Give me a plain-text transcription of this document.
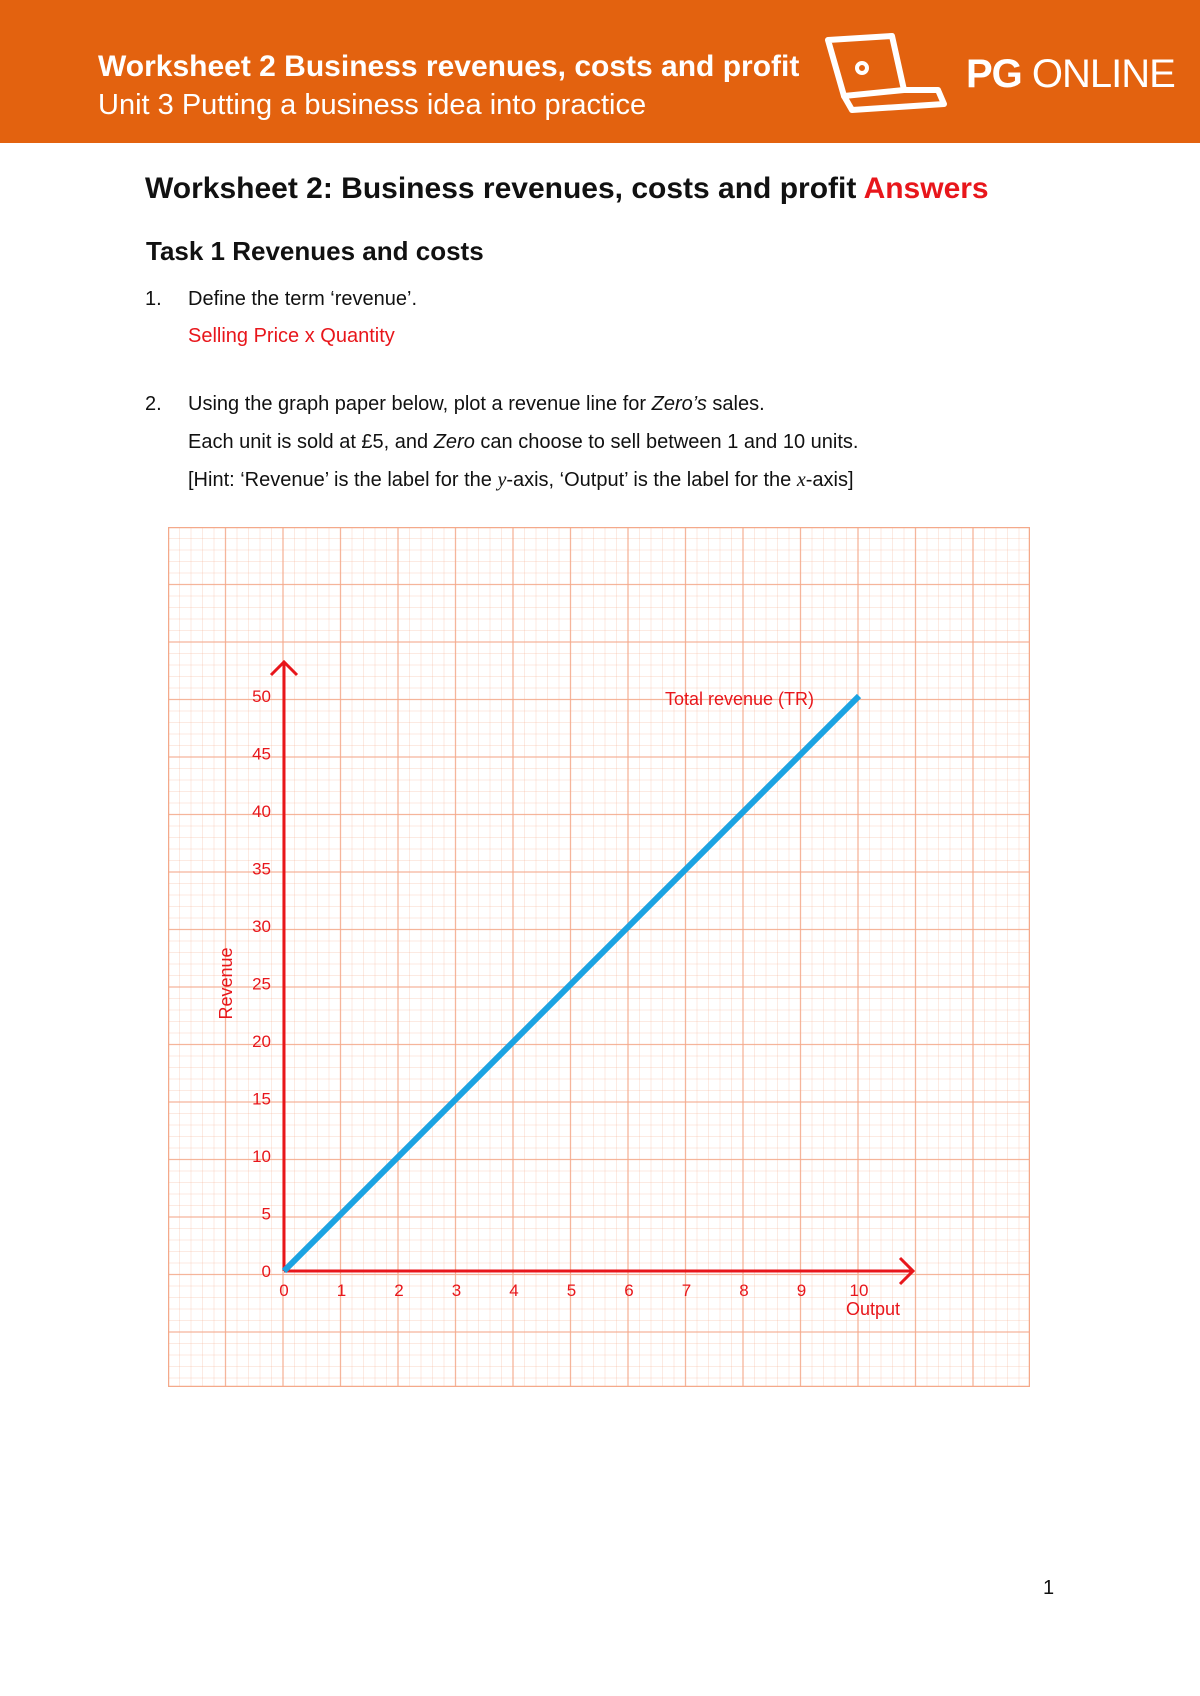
Worksheet 2 Business revenues, costs and profit
Unit 3 Putting a business idea into practice
PG ONLINE
Worksheet 2: Business revenues, costs and profit Answers
Task 1 Revenues and costs
1. Define the term ‘revenue’.
Selling Price x Quantity
2. Using the graph paper below, plot a revenue line for Zero’s sales.
Each unit is sold at £5, and Zero can choose to sell between 1 and 10 units.
[Hint: ‘Revenue’ is the label for the y-axis, ‘Output’ is the label for the x-axis]
0
5
10
15
20
25
30
35
40
45
50
0	1	2	3	4	5	6	7	8	9	10
Revenue
Output
Total revenue (TR)
1
